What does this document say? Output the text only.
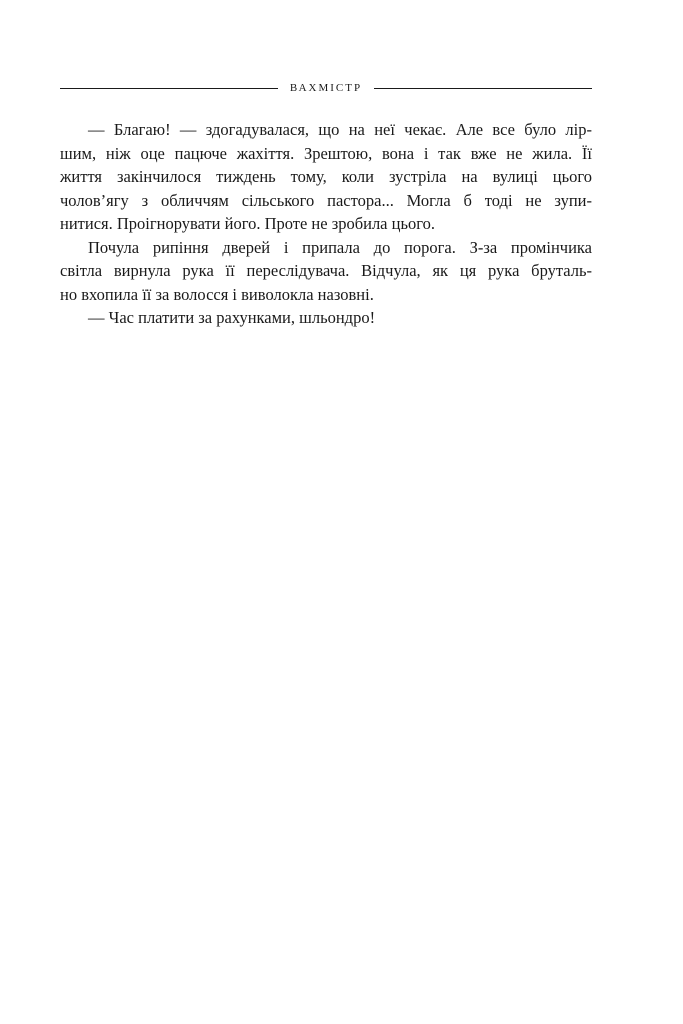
ВАХМІСТР
— Благаю! — здогадувалася, що на неї чекає. Але все було лip-
шим, ніж оце пацюче жахіття. Зрештою, вона і так вже не жила. Її
життя закінчилося тиждень тому, коли зустріла на вулиці цього
чолов’ягу з обличчям сільського пастора... Могла б тоді не зупи-
нитися. Проігнорувати його. Проте не зробила цього.
Почула рипіння дверей і припала до порога. З-за промінчика
світла вирнула рука її переслідувача. Відчула, як ця рука бруталь-
но вхопила її за волосся і виволокла назовні.
— Час платити за рахунками, шльондро!
